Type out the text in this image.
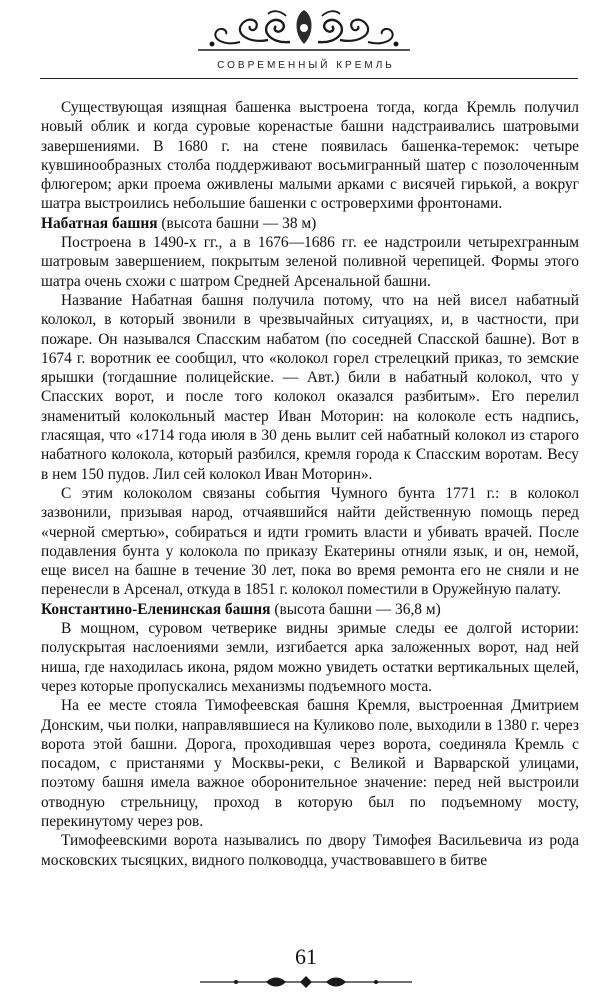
СОВРЕМЕННЫЙ КРЕМЛЬ

Существующая изящная башенка выстроена тогда, когда Кремль получил новый облик и когда суровые коренастые башни надстраивались шатровыми завершениями. В 1680 г. на стене появилась башенка-теремок: четыре кувшинообразных столба поддерживают восьмигранный шатер с позолоченным флюгером; арки проема оживлены малыми арками с висячей гирькой, а вокруг шатра выстроились небольшие башенки с островерхими фронтонами.

Набатная башня (высота башни — 38 м)

Построена в 1490-х гг., а в 1676—1686 гг. ее надстроили четырехгранным шатровым завершением, покрытым зеленой поливной черепицей. Формы этого шатра очень схожи с шатром Средней Арсенальной башни.

Название Набатная башня получила потому, что на ней висел набатный колокол, в который звонили в чрезвычайных ситуациях, и, в частности, при пожаре. Он назывался Спасским набатом (по соседней Спасской башне). Вот в 1674 г. воротник ее сообщил, что «колокол горел стрелецкий приказ, то земские ярышки (тогдашние полицейские. — Авт.) били в набатный колокол, что у Спасских ворот, и после того колокол оказался разбитым». Его перелил знаменитый колокольный мастер Иван Моторин: на колоколе есть надпись, гласящая, что «1714 года июля в 30 день вылит сей набатный колокол из старого набатного колокола, который разбился, кремля города к Спасским воротам. Весу в нем 150 пудов. Лил сей колокол Иван Моторин».

С этим колоколом связаны события Чумного бунта 1771 г.: в колокол зазвонили, призывая народ, отчаявшийся найти действенную помощь перед «черной смертью», собираться и идти громить власти и убивать врачей. После подавления бунта у колокола по приказу Екатерины отняли язык, и он, немой, еще висел на башне в течение 30 лет, пока во время ремонта его не сняли и не перенесли в Арсенал, откуда в 1851 г. колокол поместили в Оружейную палату.

Константино-Еленинская башня (высота башни — 36,8 м)

В мощном, суровом четверике видны зримые следы ее долгой истории: полускрытая наслоениями земли, изгибается арка заложенных ворот, над ней ниша, где находилась икона, рядом можно увидеть остатки вертикальных щелей, через которые пропускались механизмы подъемного моста.

На ее месте стояла Тимофеевская башня Кремля, выстроенная Дмитрием Донским, чьи полки, направлявшиеся на Куликово поле, выходили в 1380 г. через ворота этой башни. Дорога, проходившая через ворота, соединяла Кремль с посадом, с пристанями у Москвы-реки, с Великой и Варварской улицами, поэтому башня имела важное оборонительное значение: перед ней выстроили отводную стрельницу, проход в которую был по подъемному мосту, перекинутому через ров.

Тимофеевскими ворота назывались по двору Тимофея Васильевича из рода московских тысяцких, видного полководца, участвовавшего в битве

61
